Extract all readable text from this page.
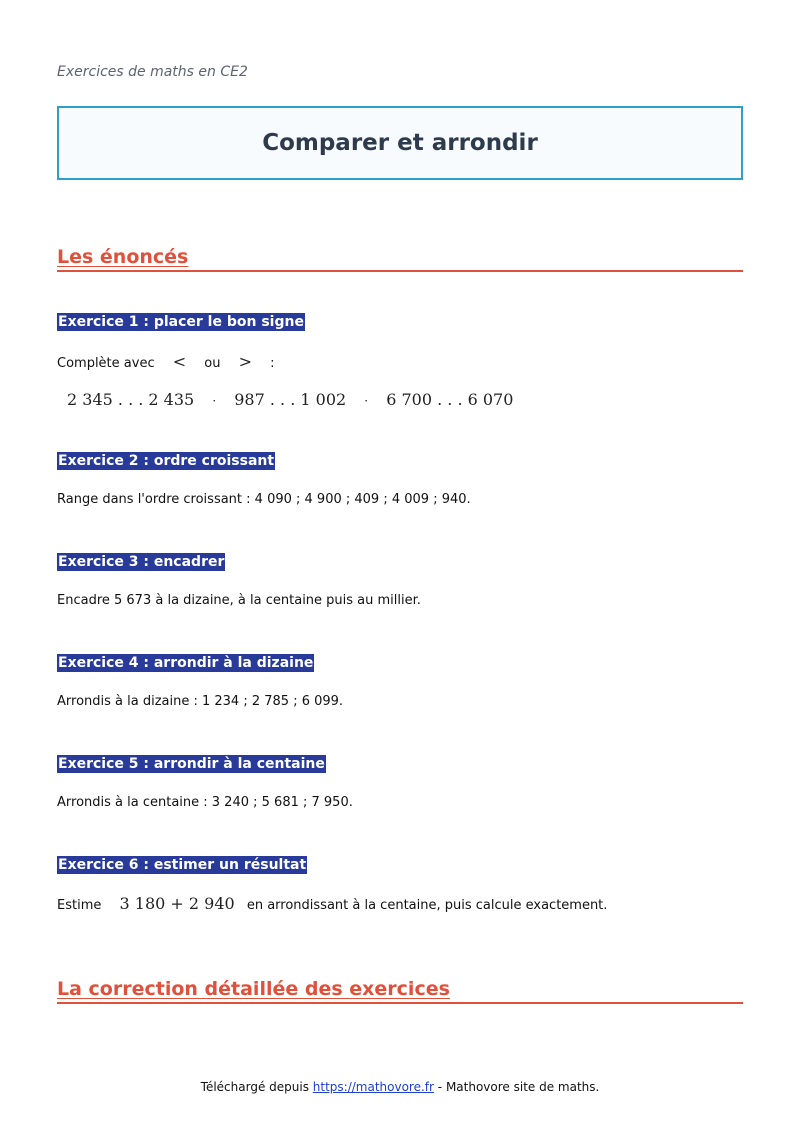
Exercices de maths en CE2
Comparer et arrondir
Les énoncés
Exercice 1 : placer le bon signe
Complète avec < ou > :
2 345 . . . 2 435 · 987 . . . 1 002 · 6 700 . . . 6 070
Exercice 2 : ordre croissant
Range dans l'ordre croissant : 4 090 ; 4 900 ; 409 ; 4 009 ; 940.
Exercice 3 : encadrer
Encadre 5 673 à la dizaine, à la centaine puis au millier.
Exercice 4 : arrondir à la dizaine
Arrondis à la dizaine : 1 234 ; 2 785 ; 6 099.
Exercice 5 : arrondir à la centaine
Arrondis à la centaine : 3 240 ; 5 681 ; 7 950.
Exercice 6 : estimer un résultat
Estime 3 180 + 2 940 en arrondissant à la centaine, puis calcule exactement.
La correction détaillée des exercices
Téléchargé depuis https://mathovore.fr - Mathovore site de maths.
